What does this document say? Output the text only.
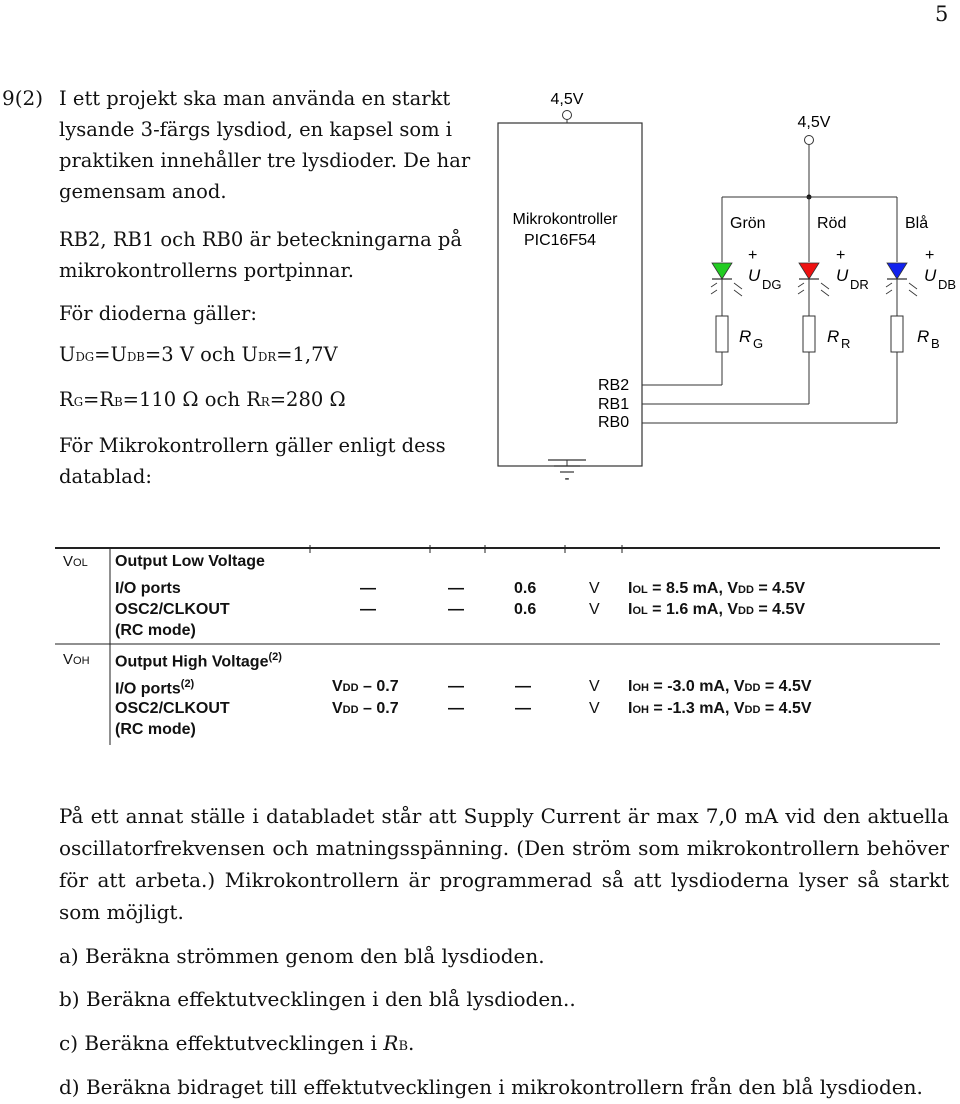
5
9(2) I ett projekt ska man använda en starkt lysande 3-färgs lysdiod, en kapsel som i praktiken innehåller tre lysdioder. De har gemensam anod.
RB2, RB1 och RB0 är beteckningarna på mikrokontrollerns portpinnar.
För dioderna gäller:
UDG=UDB=3 V och UDR=1,7V
RG=RB=110 Ω och RR=280 Ω
För Mikrokontrollern gäller enligt dess datablad:
4,5V
Mikrokontroller
PIC16F54
RB2
RB1
RB0
-
4,5V
Grön
+
U DG
R G
Röd
+
U DR
R R
Blå
+
U DB
R B
VOL Output Low Voltage
I/O ports	—	—	0.6	V IOL = 8.5 mA, VDD = 4.5V
OSC2/CLKOUT	—	—	0.6	V IOL = 1.6 mA, VDD = 4.5V
(RC mode)
VOH Output High Voltage$^{(2)}$
I/O ports$^{(2)}$	VDD – 0.7	—	—	V IOH = -3.0 mA, VDD = 4.5V
OSC2/CLKOUT	VDD – 0.7	—	—	V IOH = -1.3 mA, VDD = 4.5V
(RC mode)
På ett annat ställe i databladet står att Supply Current är max 7,0 mA vid den aktuella oscillatorfrekvensen och matningsspänning. (Den ström som mikrokontrollern behöver för att arbeta.) Mikrokontrollern är programmerad så att lysdioderna lyser så starkt som möjligt.
a) Beräkna strömmen genom den blå lysdioden.
b) Beräkna effektutvecklingen i den blå lysdioden..
c) Beräkna effektutvecklingen i RB.
d) Beräkna bidraget till effektutvecklingen i mikrokontrollern från den blå lysdioden.
